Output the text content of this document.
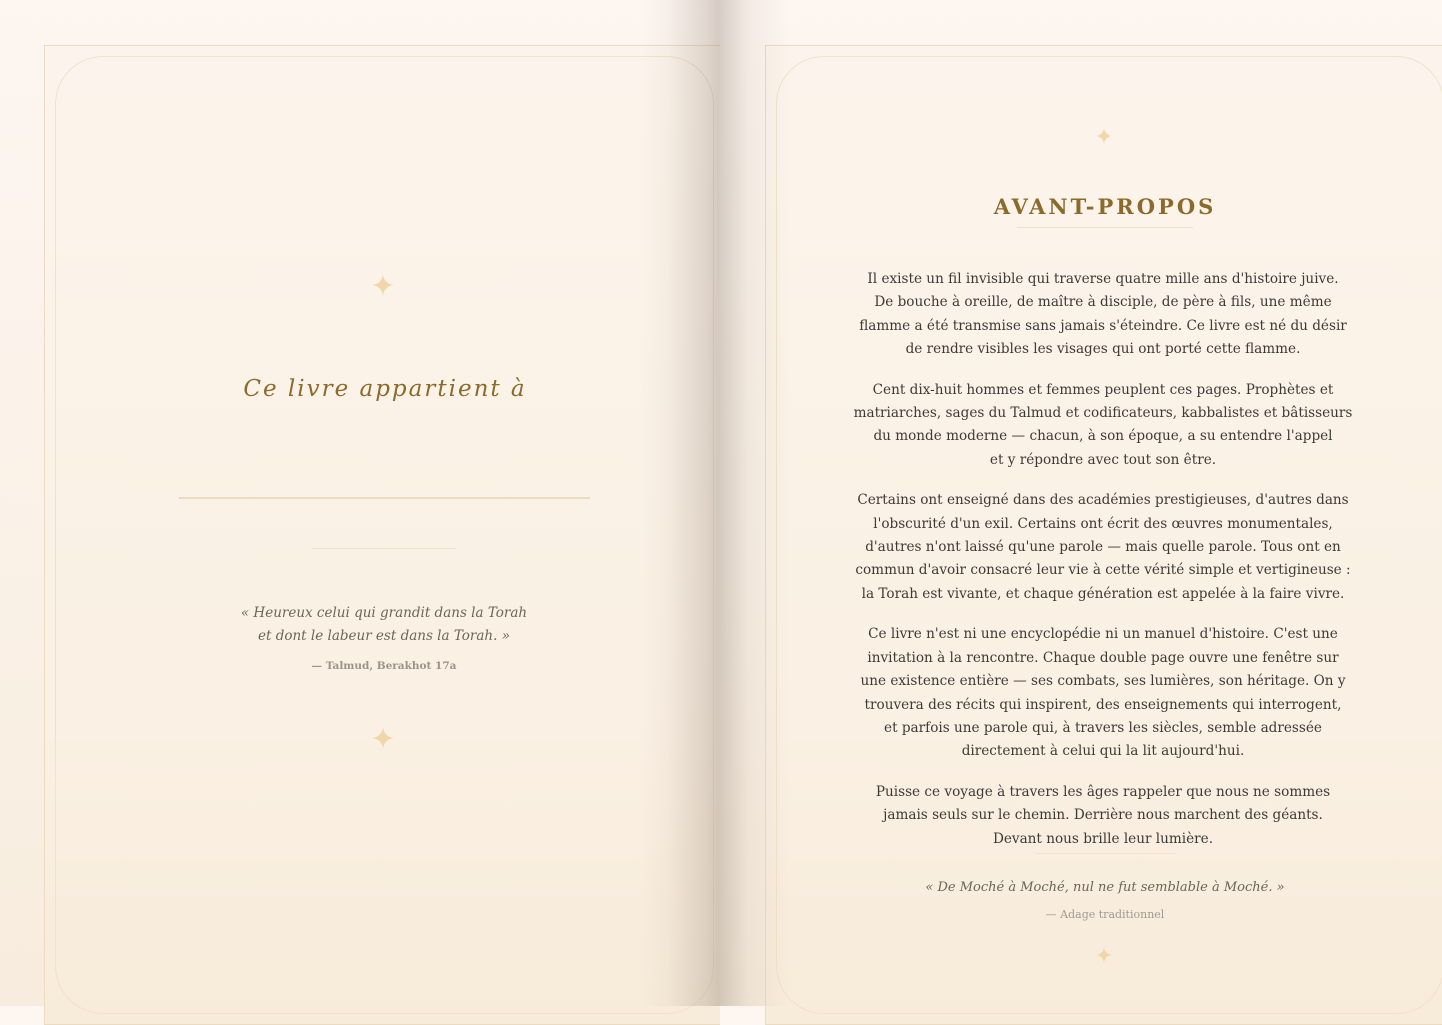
✦
Ce livre appartient à
« Heureux celui qui grandit dans la Torah
et dont le labeur est dans la Torah. »
— Talmud, Berakhot 17a
✦
✦
AVANT-PROPOS

Il existe un fil invisible qui traverse quatre mille ans d'histoire juive.
De bouche à oreille, de maître à disciple, de père à fils, une même
flamme a été transmise sans jamais s'éteindre. Ce livre est né du désir
de rendre visibles les visages qui ont porté cette flamme.

Cent dix-huit hommes et femmes peuplent ces pages. Prophètes et
matriarches, sages du Talmud et codificateurs, kabbalistes et bâtisseurs
du monde moderne — chacun, à son époque, a su entendre l'appel
et y répondre avec tout son être.

Certains ont enseigné dans des académies prestigieuses, d'autres dans
l'obscurité d'un exil. Certains ont écrit des œuvres monumentales,
d'autres n'ont laissé qu'une parole — mais quelle parole. Tous ont en
commun d'avoir consacré leur vie à cette vérité simple et vertigineuse :
la Torah est vivante, et chaque génération est appelée à la faire vivre.

Ce livre n'est ni une encyclopédie ni un manuel d'histoire. C'est une
invitation à la rencontre. Chaque double page ouvre une fenêtre sur
une existence entière — ses combats, ses lumières, son héritage. On y
trouvera des récits qui inspirent, des enseignements qui interrogent,
et parfois une parole qui, à travers les siècles, semble adressée
directement à celui qui la lit aujourd'hui.

Puisse ce voyage à travers les âges rappeler que nous ne sommes
jamais seuls sur le chemin. Derrière nous marchent des géants.
Devant nous brille leur lumière.

« De Moché à Moché, nul ne fut semblable à Moché. »
— Adage traditionnel
✦
